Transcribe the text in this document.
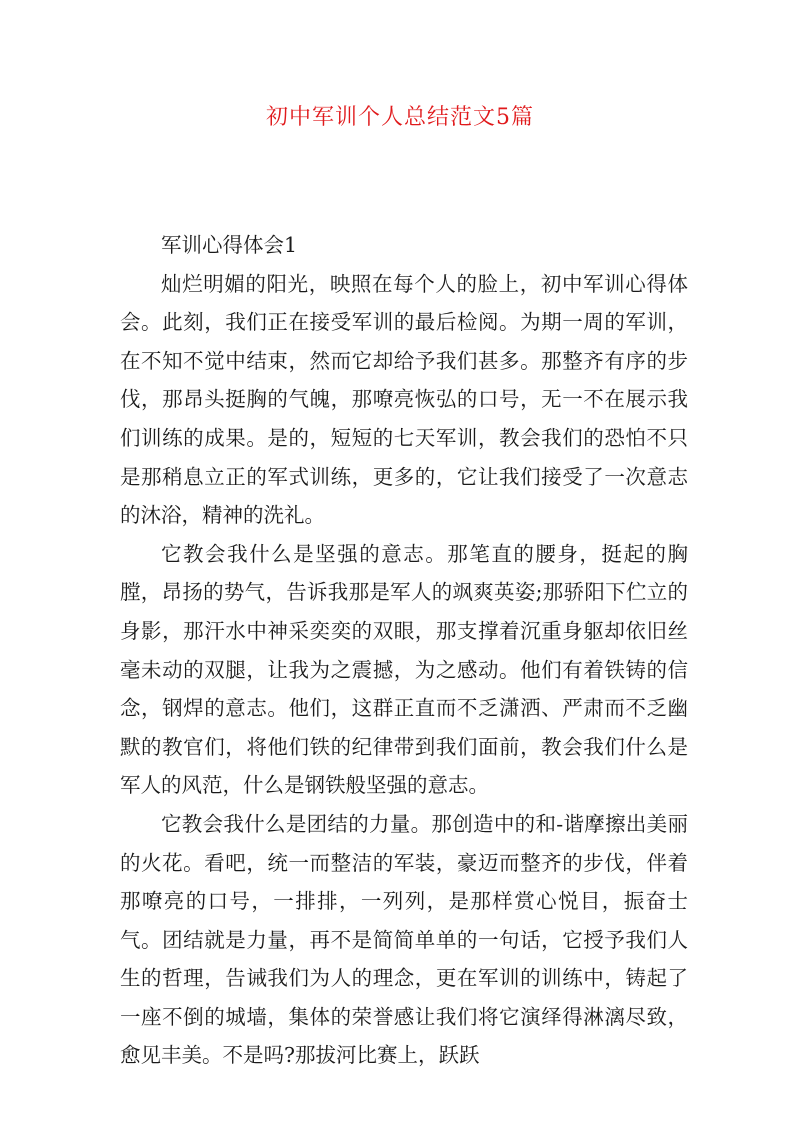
初中军训个人总结范文5篇
军训心得体会1

灿烂明媚的阳光，映照在每个人的脸上，初中军训心得体会。此刻，我们正在接受军训的最后检阅。为期一周的军训，在不知不觉中结束，然而它却给予我们甚多。那整齐有序的步伐，那昂头挺胸的气魄，那嘹亮恢弘的口号，无一不在展示我们训练的成果。是的，短短的七天军训，教会我们的恐怕不只是那稍息立正的军式训练，更多的，它让我们接受了一次意志的沐浴，精神的洗礼。

它教会我什么是坚强的意志。那笔直的腰身，挺起的胸膛，昂扬的势气，告诉我那是军人的飒爽英姿;那骄阳下伫立的身影，那汗水中神采奕奕的双眼，那支撑着沉重身躯却依旧丝毫未动的双腿，让我为之震撼，为之感动。他们有着铁铸的信念，钢焊的意志。他们，这群正直而不乏潇洒、严肃而不乏幽默的教官们，将他们铁的纪律带到我们面前，教会我们什么是军人的风范，什么是钢铁般坚强的意志。

它教会我什么是团结的力量。那创造中的和-谐摩擦出美丽的火花。看吧，统一而整洁的军装，豪迈而整齐的步伐，伴着那嘹亮的口号，一排排，一列列，是那样赏心悦目，振奋士气。团结就是力量，再不是简简单单的一句话，它授予我们人生的哲理，告诫我们为人的理念，更在军训的训练中，铸起了一座不倒的城墙，集体的荣誉感让我们将它演绎得淋漓尽致，愈见丰美。不是吗?那拔河比赛上，跃跃
